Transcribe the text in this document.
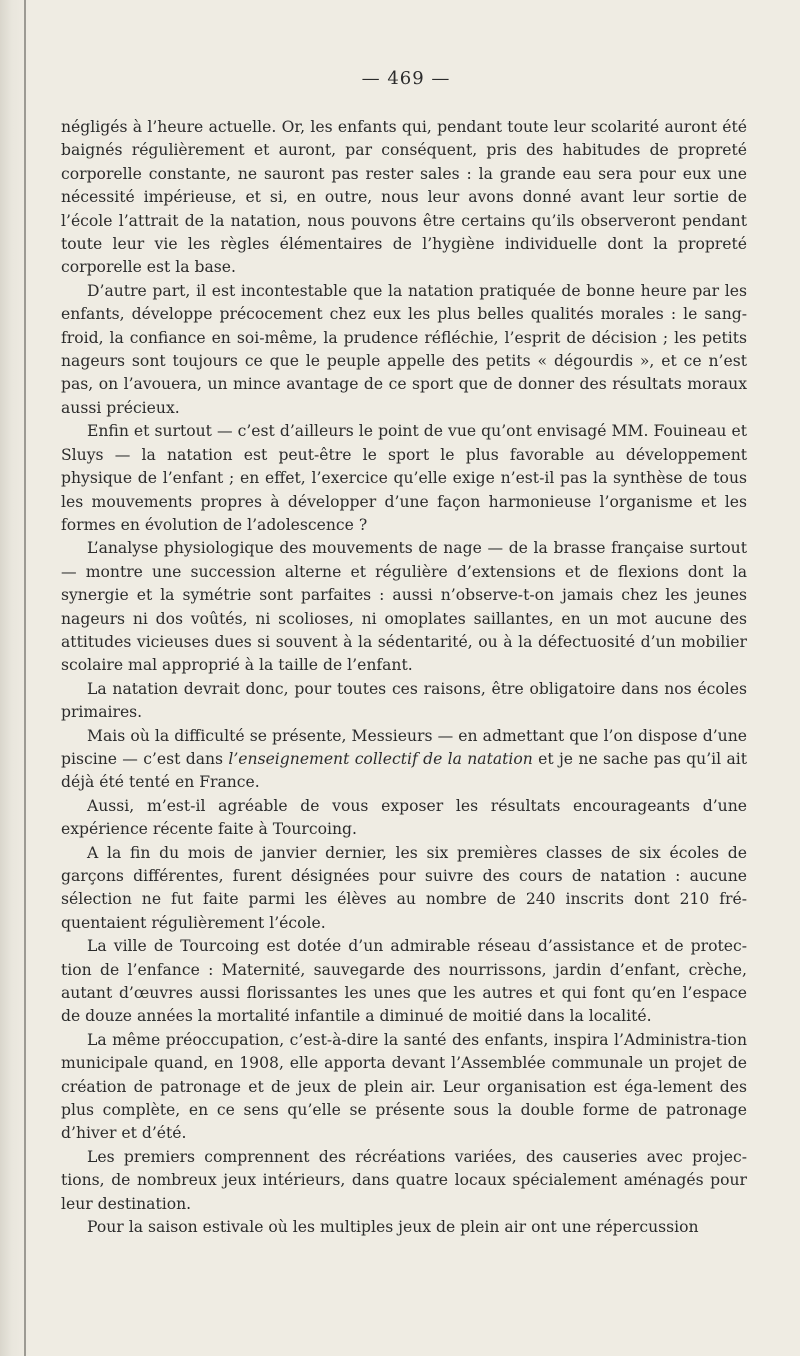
— 469 —

négligés à l’heure actuelle. Or, les enfants qui, pendant toute leur scolarité auront été baignés régulièrement et auront, par conséquent, pris des habitudes de propreté corporelle constante, ne sauront pas rester sales : la grande eau sera pour eux une nécessité impérieuse, et si, en outre, nous leur avons donné avant leur sortie de l’école l’attrait de la natation, nous pouvons être certains qu’ils observeront pendant toute leur vie les règles élémentaires de l’hygiène individuelle dont la propreté corporelle est la base.

D’autre part, il est incontestable que la natation pratiquée de bonne heure par les enfants, développe précocement chez eux les plus belles qualités morales : le sang-froid, la confiance en soi-même, la prudence réfléchie, l’esprit de décision ; les petits nageurs sont toujours ce que le peuple appelle des petits « dégourdis », et ce n’est pas, on l’avouera, un mince avantage de ce sport que de donner des résultats moraux aussi précieux.

Enfin et surtout — c’est d’ailleurs le point de vue qu’ont envisagé MM. Fouineau et Sluys — la natation est peut-être le sport le plus favorable au développement physique de l’enfant ; en effet, l’exercice qu’elle exige n’est-il pas la synthèse de tous les mouvements propres à développer d’une façon harmonieuse l’organisme et les formes en évolution de l’adolescence ?

L’analyse physiologique des mouvements de nage — de la brasse française surtout — montre une succession alterne et régulière d’extensions et de flexions dont la synergie et la symétrie sont parfaites : aussi n’observe-t-on jamais chez les jeunes nageurs ni dos voûtés, ni scolioses, ni omoplates saillantes, en un mot aucune des attitudes vicieuses dues si souvent à la sédentarité, ou à la défectuosité d’un mobilier scolaire mal approprié à la taille de l’enfant.

La natation devrait donc, pour toutes ces raisons, être obligatoire dans nos écoles primaires.

Mais où la difficulté se présente, Messieurs — en admettant que l’on dispose d’une piscine — c’est dans l’enseignement collectif de la natation et je ne sache pas qu’il ait déjà été tenté en France.

Aussi, m’est-il agréable de vous exposer les résultats encourageants d’une expérience récente faite à Tourcoing.

A la fin du mois de janvier dernier, les six premières classes de six écoles de garçons différentes, furent désignées pour suivre des cours de natation : aucune sélection ne fut faite parmi les élèves au nombre de 240 inscrits dont 210 fré-quentaient régulièrement l’école.

La ville de Tourcoing est dotée d’un admirable réseau d’assistance et de protec-tion de l’enfance : Maternité, sauvegarde des nourrissons, jardin d’enfant, crèche, autant d’œuvres aussi florissantes les unes que les autres et qui font qu’en l’espace de douze années la mortalité infantile a diminué de moitié dans la localité.

La même préoccupation, c’est-à-dire la santé des enfants, inspira l’Administra-tion municipale quand, en 1908, elle apporta devant l’Assemblée communale un projet de création de patronage et de jeux de plein air. Leur organisation est éga-lement des plus complète, en ce sens qu’elle se présente sous la double forme de patronage d’hiver et d’été.

Les premiers comprennent des récréations variées, des causeries avec projec-tions, de nombreux jeux intérieurs, dans quatre locaux spécialement aménagés pour leur destination.

Pour la saison estivale où les multiples jeux de plein air ont une répercussion
